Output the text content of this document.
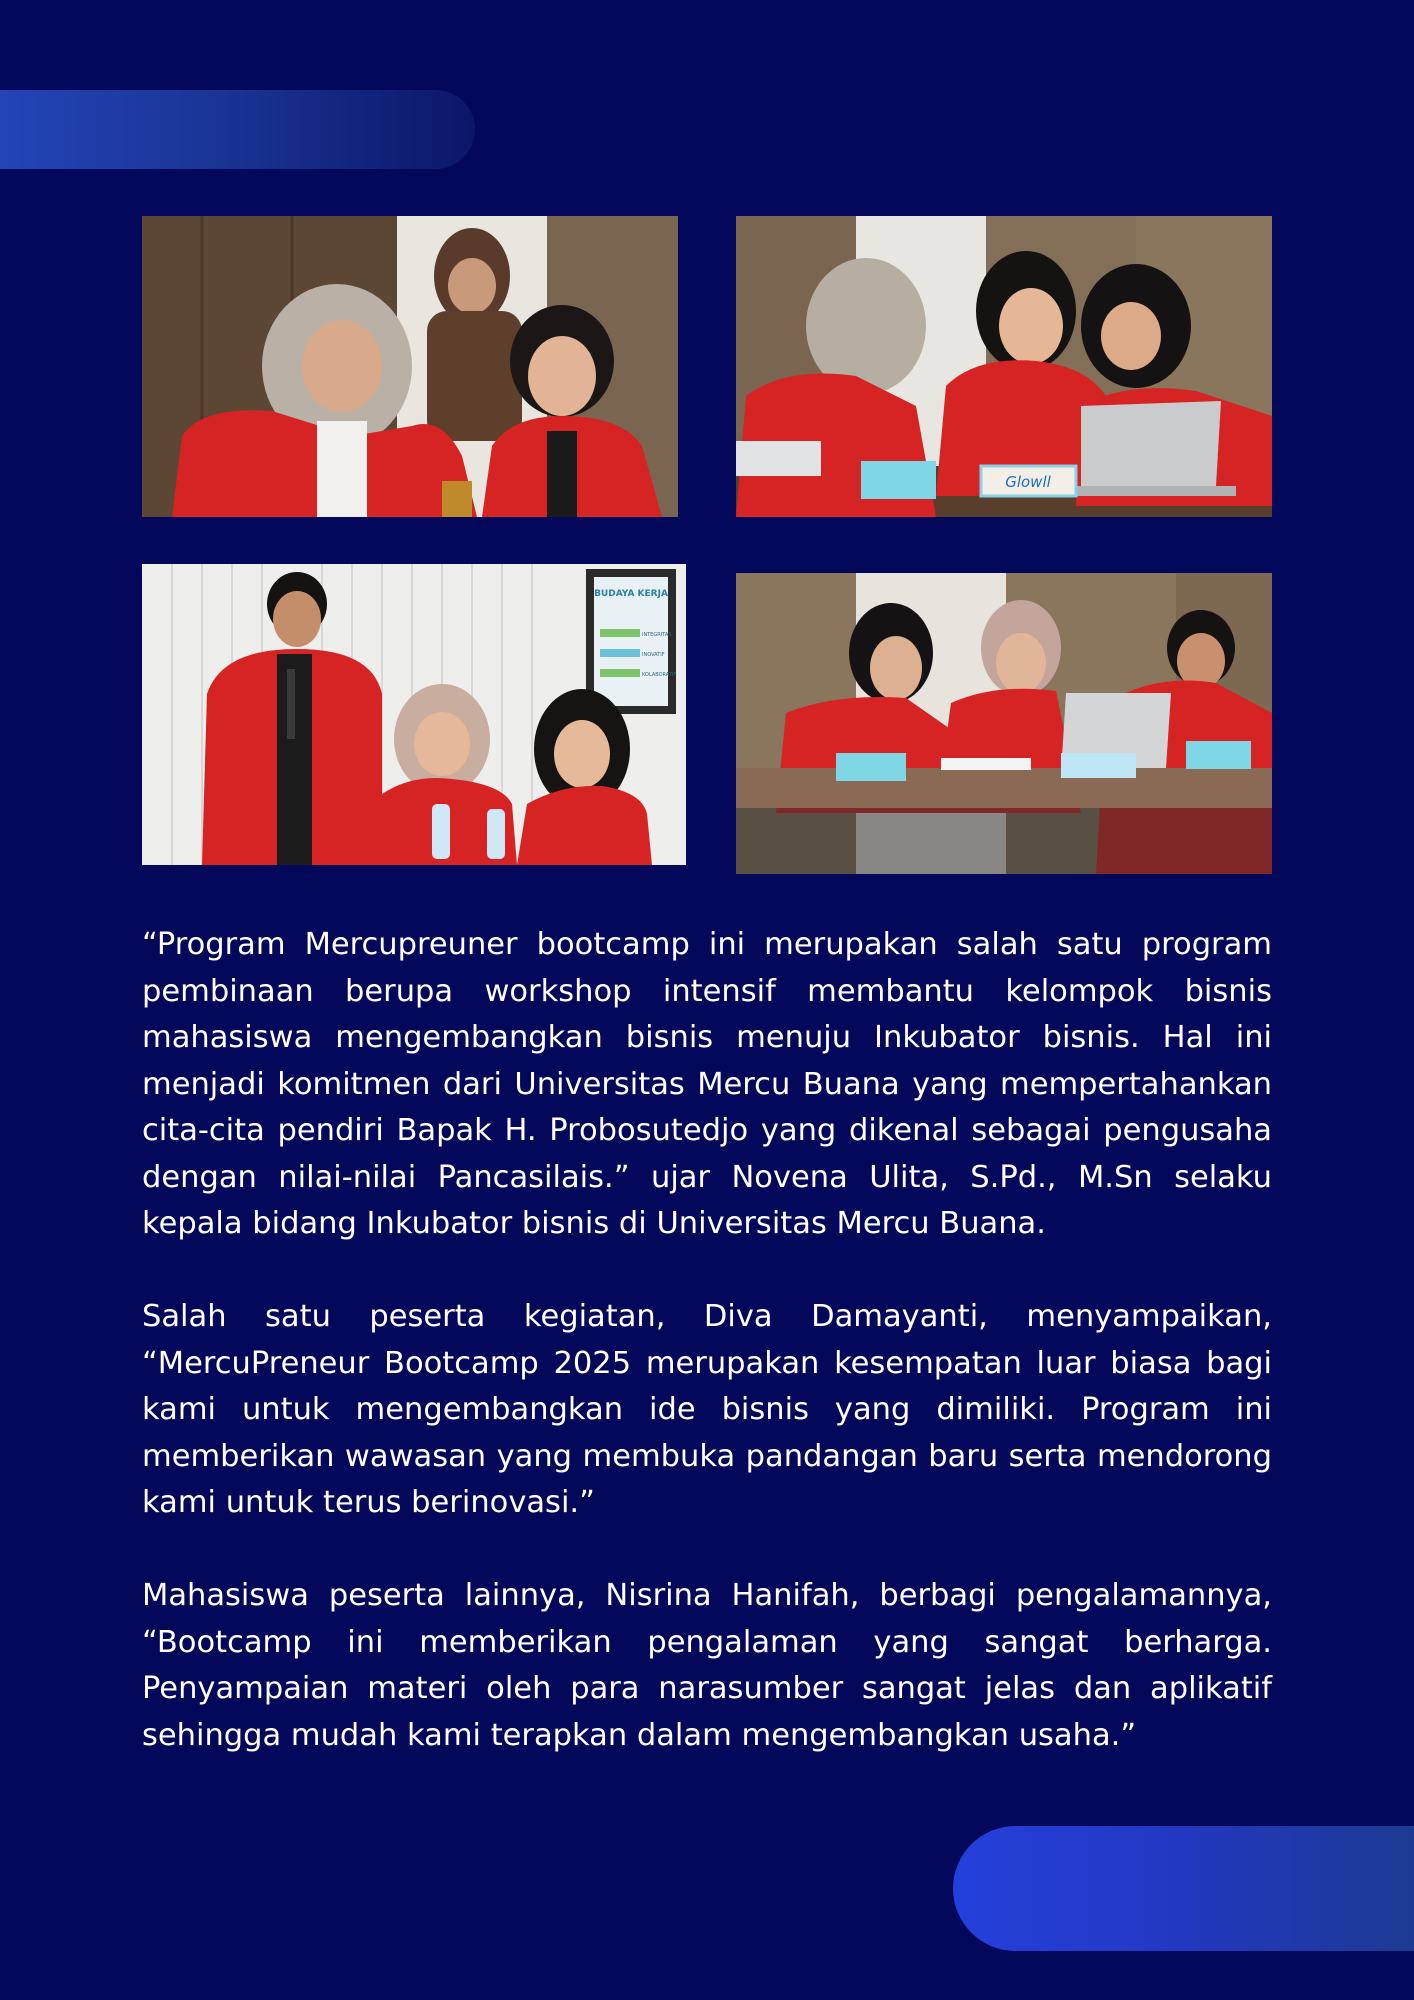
Glowll
BUDAYA KERJA
INTEGRITAS
INOVATIF
KOLABORATIF

“Program Mercupreuner bootcamp ini merupakan salah satu program pembinaan berupa workshop intensif membantu kelompok bisnis mahasiswa mengembangkan bisnis menuju Inkubator bisnis. Hal ini menjadi komitmen dari Universitas Mercu Buana yang mempertahankan cita-cita pendiri Bapak H. Probosutedjo yang dikenal sebagai pengusaha dengan nilai-nilai Pancasilais.” ujar Novena Ulita, S.Pd., M.Sn selaku kepala bidang Inkubator bisnis di Universitas Mercu Buana.

Salah satu peserta kegiatan, Diva Damayanti, menyampaikan, “MercuPreneur Bootcamp 2025 merupakan kesempatan luar biasa bagi kami untuk mengembangkan ide bisnis yang dimiliki. Program ini memberikan wawasan yang membuka pandangan baru serta mendorong kami untuk terus berinovasi.”

Mahasiswa peserta lainnya, Nisrina Hanifah, berbagi pengalamannya, “Bootcamp ini memberikan pengalaman yang sangat berharga. Penyampaian materi oleh para narasumber sangat jelas dan aplikatif sehingga mudah kami terapkan dalam mengembangkan usaha.”
